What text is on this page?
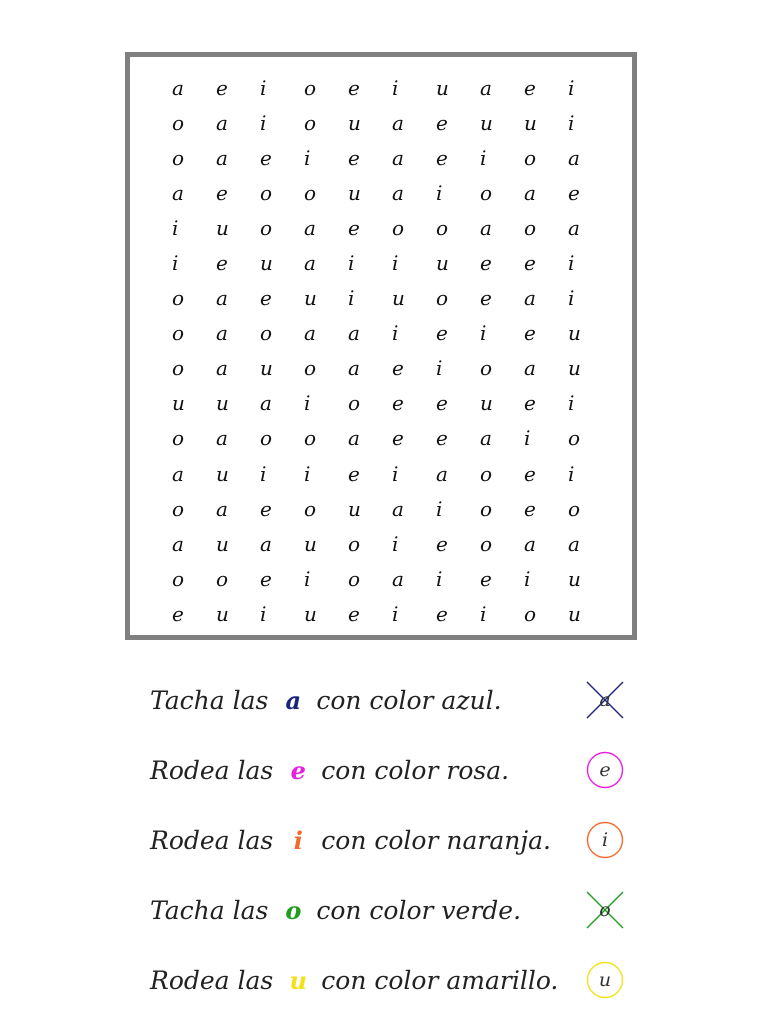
a	e	i	o	e	i	u	a	e	i
o	a	i	o	u	a	e	u	u	i
o	a	e	i	e	a	e	i	o	a
a	e	o	o	u	a	i	o	a	e
i	u	o	a	e	o	o	a	o	a
i	e	u	a	i	i	u	e	e	i
o	a	e	u	i	u	o	e	a	i
o	a	o	a	a	i	e	i	e	u
o	a	u	o	a	e	i	o	a	u
u	u	a	i	o	e	e	u	e	i
o	a	o	o	a	e	e	a	i	o
a	u	i	i	e	i	a	o	e	i
o	a	e	o	u	a	i	o	e	o
a	u	a	u	o	i	e	o	a	a
o	o	e	i	o	a	i	e	i	u
e	u	i	u	e	i	e	i	o	u
Tacha las a con color azul.	a
Rodea las e con color rosa.	e
Rodea las i con color naranja.	i
Tacha las o con color verde.	o
Rodea las u con color amarillo.	u
